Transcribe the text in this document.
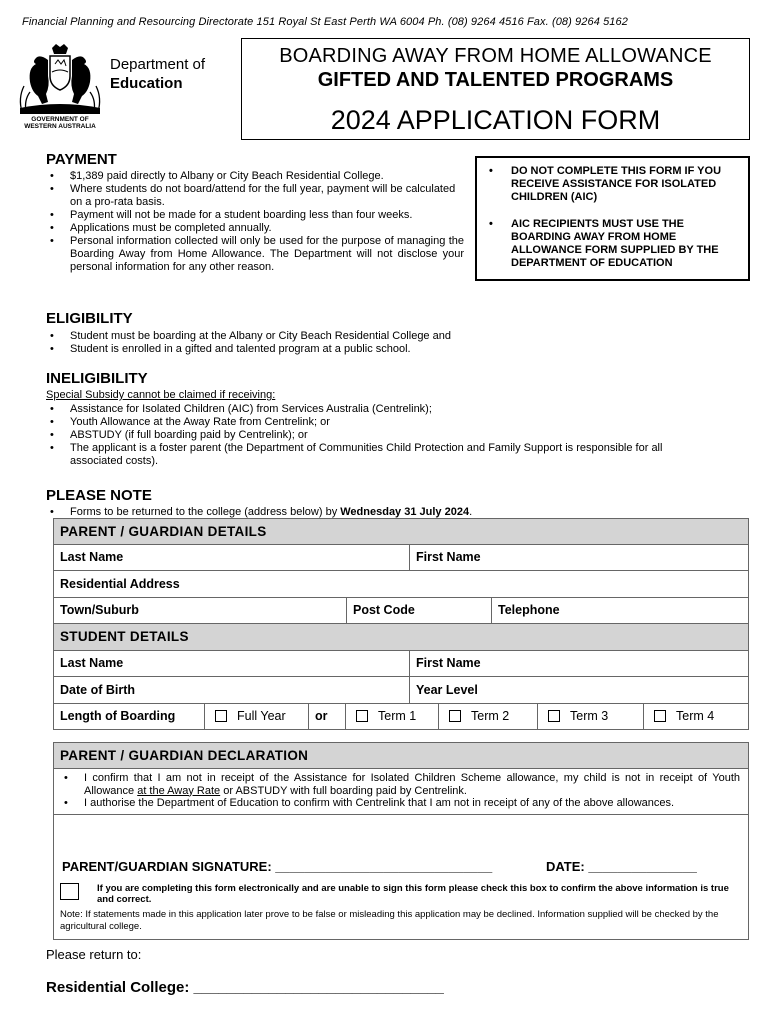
Financial Planning and Resourcing Directorate 151 Royal St East Perth WA 6004 Ph. (08) 9264 4516 Fax. (08) 9264 5162
GOVERNMENT OF
WESTERN AUSTRALIA
Department of
Education
BOARDING AWAY FROM HOME ALLOWANCE
GIFTED AND TALENTED PROGRAMS
2024 APPLICATION FORM
PAYMENT
• $1,389 paid directly to Albany or City Beach Residential College.
• Where students do not board/attend for the full year, payment will be calculated on a pro-rata basis.
• Payment will not be made for a student boarding less than four weeks.
• Applications must be completed annually.
• Personal information collected will only be used for the purpose of managing the Boarding Away from Home Allowance. The Department will not disclose your personal information for any other reason.
• DO NOT COMPLETE THIS FORM IF YOU RECEIVE ASSISTANCE FOR ISOLATED CHILDREN (AIC)
• AIC RECIPIENTS MUST USE THE BOARDING AWAY FROM HOME ALLOWANCE FORM SUPPLIED BY THE DEPARTMENT OF EDUCATION
ELIGIBILITY
• Student must be boarding at the Albany or City Beach Residential College and
• Student is enrolled in a gifted and talented program at a public school.
INELIGIBILITY
Special Subsidy cannot be claimed if receiving:
• Assistance for Isolated Children (AIC) from Services Australia (Centrelink);
• Youth Allowance at the Away Rate from Centrelink; or
• ABSTUDY (if full boarding paid by Centrelink); or
• The applicant is a foster parent (the Department of Communities Child Protection and Family Support is responsible for all associated costs).
PLEASE NOTE
• Forms to be returned to the college (address below) by Wednesday 31 July 2024.
PARENT / GUARDIAN DETAILS
Last Name	First Name
Residential Address
Town/Suburb	Post Code	Telephone
STUDENT DETAILS
Last Name	First Name
Date of Birth	Year Level
Length of Boarding	Full Year	or	Term 1	Term 2	Term 3	Term 4
PARENT / GUARDIAN DECLARATION
• I confirm that I am not in receipt of the Assistance for Isolated Children Scheme allowance, my child is not in receipt of Youth Allowance at the Away Rate or ABSTUDY with full boarding paid by Centrelink.
• I authorise the Department of Education to confirm with Centrelink that I am not in receipt of any of the above allowances.
PARENT/GUARDIAN SIGNATURE: ______________________________	DATE: _______________
If you are completing this form electronically and are unable to sign this form please check this box to confirm the above information is true and correct.
Note: If statements made in this application later prove to be false or misleading this application may be declined. Information supplied will be checked by the agricultural college.
Please return to:
Residential College: ______________________________
